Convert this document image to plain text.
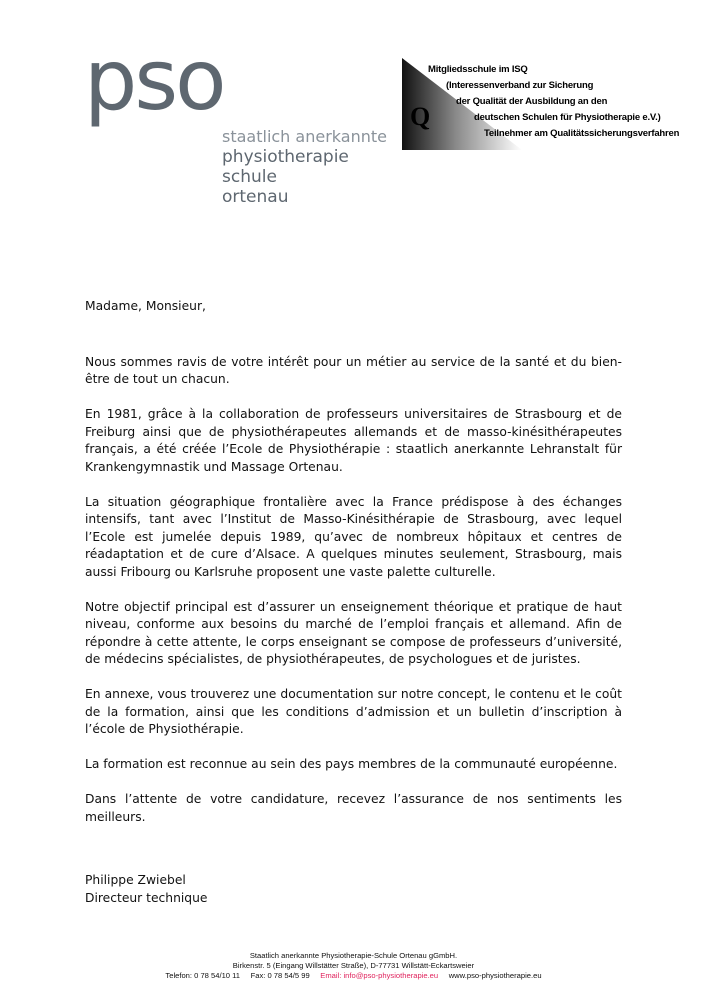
pso
staatlich anerkannte
physiotherapie
schule
ortenau
Q
Mitgliedsschule im ISQ
(Interessenverband zur Sicherung
der Qualität der Ausbildung an den
deutschen Schulen für Physiotherapie e.V.)
Teilnehmer am Qualitätssicherungsverfahren
Madame, Monsieur,

Nous sommes ravis de votre intérêt pour un métier au service de la santé et du bien-être de tout un chacun.

En 1981, grâce à la collaboration de professeurs universitaires de Strasbourg et de Freiburg ainsi que de physiothérapeutes allemands et de masso-kinésithérapeutes français, a été créée l’Ecole de Physiothérapie : staatlich anerkannte Lehranstalt für Krankengymnastik und Massage Ortenau.

La situation géographique frontalière avec la France prédispose à des échanges intensifs, tant avec l’Institut de Masso-Kinésithérapie de Strasbourg, avec lequel l’Ecole est jumelée depuis 1989, qu’avec de nombreux hôpitaux et centres de réadaptation et de cure d’Alsace. A quelques minutes seulement, Strasbourg, mais aussi Fribourg ou Karlsruhe proposent une vaste palette culturelle.

Notre objectif principal est d’assurer un enseignement théorique et pratique de haut niveau, conforme aux besoins du marché de l’emploi français et allemand. Afin de répondre à cette attente, le corps enseignant se compose de professeurs d’université, de médecins spécialistes, de physiothérapeutes, de psychologues et de juristes.

En annexe, vous trouverez une documentation sur notre concept, le contenu et le coût de la formation, ainsi que les conditions d’admission et un bulletin d’inscription à l’école de Physiothérapie.

La formation est reconnue au sein des pays membres de la communauté européenne.

Dans l’attente de votre candidature, recevez l’assurance de nos sentiments les meilleurs.

Philippe Zwiebel
Directeur technique
Staatlich anerkannte Physiotherapie-Schule Ortenau gGmbH.
Birkenstr. 5 (Eingang Willstätter Straße), D-77731 Willstätt-Eckartsweier
Telefon: 0 78 54/10 11 Fax: 0 78 54/5 99 Email: info@pso-physiotherapie.eu www.pso-physiotherapie.eu
